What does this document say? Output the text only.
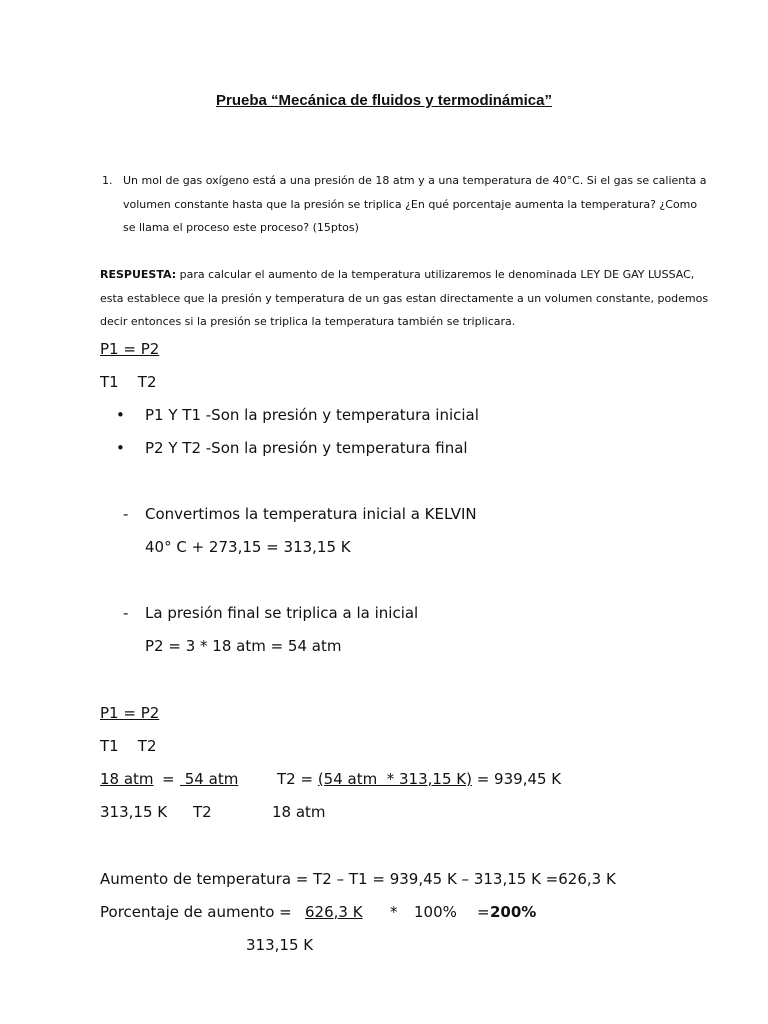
Prueba “Mecánica de fluidos y termodinámica”
1. Un mol de gas oxígeno está a una presión de 18 atm y a una temperatura de 40°C. Si el gas se calienta a
volumen constante hasta que la presión se triplica ¿En qué porcentaje aumenta la temperatura? ¿Como
se llama el proceso este proceso? (15ptos)
RESPUESTA: para calcular el aumento de la temperatura utilizaremos le denominada LEY DE GAY LUSSAC,
esta establece que la presión y temperatura de un gas estan directamente a un volumen constante, podemos
decir entonces si la presión se triplica la temperatura también se triplicara.
P1 = P2
T1    T2
• P1 Y T1 -Son la presión y temperatura inicial
• P2 Y T2 -Son la presión y temperatura final
- Convertimos la temperatura inicial a KELVIN
40° C + 273,15 = 313,15 K
- La presión final se triplica a la inicial
P2 = 3 * 18 atm = 54 atm
P1 = P2
T1    T2
18 atm = 54 atm	T2 = (54 atm  * 313,15 K) = 939,45 K
313,15 K T2	18 atm
Aumento de temperatura = T2 – T1 = 939,45 K – 313,15 K =626,3 K
Porcentaje de aumento = 626,3 K * 100% = 200%
313,15 K
